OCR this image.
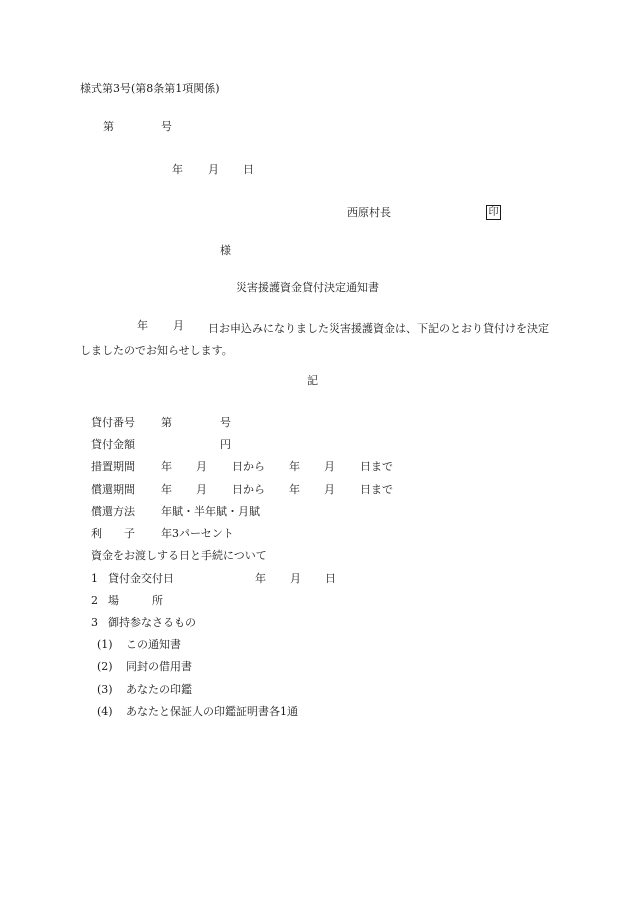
様式第3号(第8条第1項関係)
第	号
年 月 日
西原村長	印
様
災害援護資金貸付決定通知書
年 月	日お申込みになりました災害援護資金は、下記のとおり貸付けを決定しましたのでお知らせします。
記
貸付番号 第	号
貸付金額	円
措置期間 年 月 日から 年 月 日まで
償還期間 年 月 日から 年 月 日まで
償還方法 年賦・半年賦・月賦
利　　子 年3パーセント
資金をお渡しする日と手続について
1 貸付金交付日	年 月 日
2 場　　　所
3 御持参なさるもの
(1) この通知書
(2) 同封の借用書
(3) あなたの印鑑
(4) あなたと保証人の印鑑証明書各1通
